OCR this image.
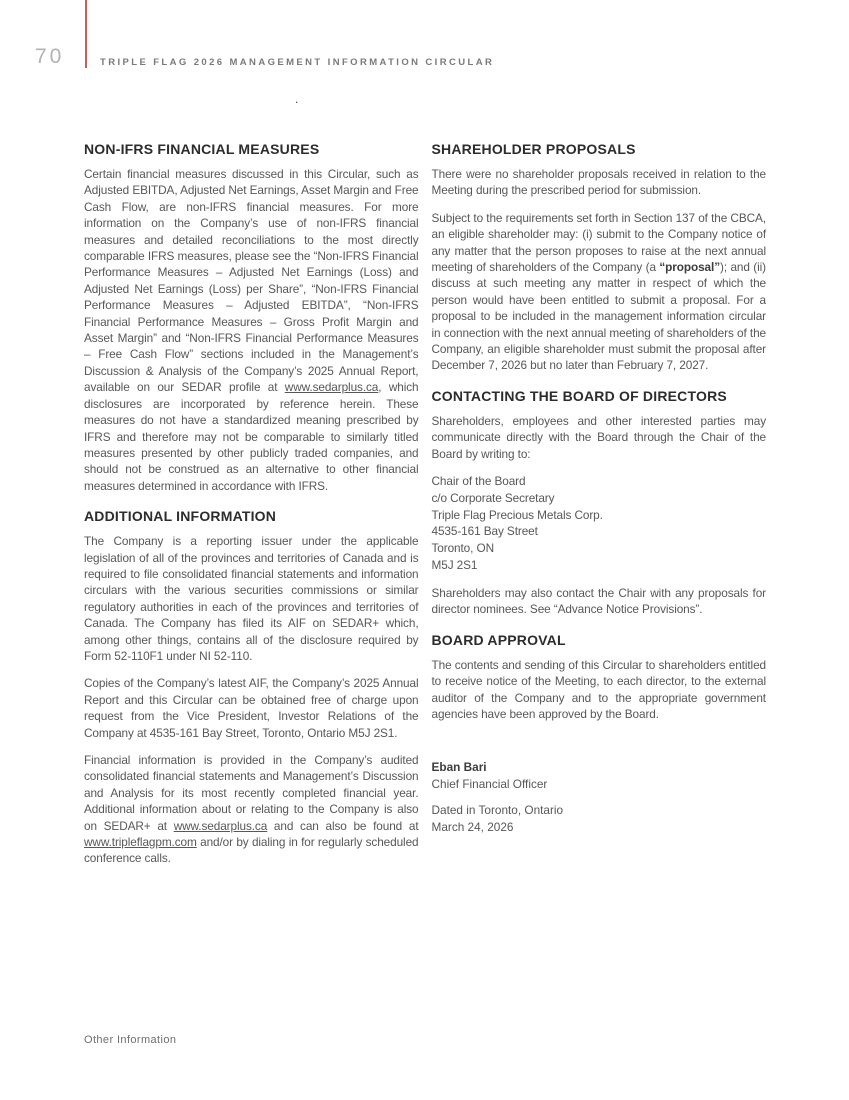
70	TRIPLE FLAG 2026 MANAGEMENT INFORMATION CIRCULAR
.
NON-IFRS FINANCIAL MEASURES

Certain financial measures discussed in this Circular, such as Adjusted EBITDA, Adjusted Net Earnings, Asset Margin and Free Cash Flow, are non-IFRS financial measures. For more information on the Company’s use of non-IFRS financial measures and detailed reconciliations to the most directly comparable IFRS measures, please see the “Non-IFRS Financial Performance Measures – Adjusted Net Earnings (Loss) and Adjusted Net Earnings (Loss) per Share”, “Non-IFRS Financial Performance Measures – Adjusted EBITDA”, “Non-IFRS Financial Performance Measures – Gross Profit Margin and Asset Margin” and “Non-IFRS Financial Performance Measures – Free Cash Flow” sections included in the Management’s Discussion & Analysis of the Company’s 2025 Annual Report, available on our SEDAR profile at www.sedarplus.ca, which disclosures are incorporated by reference herein. These measures do not have a standardized meaning prescribed by IFRS and therefore may not be comparable to similarly titled measures presented by other publicly traded companies, and should not be construed as an alternative to other financial measures determined in accordance with IFRS.

ADDITIONAL INFORMATION

The Company is a reporting issuer under the applicable legislation of all of the provinces and territories of Canada and is required to file consolidated financial statements and information circulars with the various securities commissions or similar regulatory authorities in each of the provinces and territories of Canada. The Company has filed its AIF on SEDAR+ which, among other things, contains all of the disclosure required by Form 52-110F1 under NI 52-110.

Copies of the Company’s latest AIF, the Company’s 2025 Annual Report and this Circular can be obtained free of charge upon request from the Vice President, Investor Relations of the Company at 4535-161 Bay Street, Toronto, Ontario M5J 2S1.

Financial information is provided in the Company’s audited consolidated financial statements and Management’s Discussion and Analysis for its most recently completed financial year. Additional information about or relating to the Company is also on SEDAR+ at www.sedarplus.ca and can also be found at www.tripleflagpm.com and/or by dialing in for regularly scheduled conference calls.

SHAREHOLDER PROPOSALS

There were no shareholder proposals received in relation to the Meeting during the prescribed period for submission.

Subject to the requirements set forth in Section 137 of the CBCA, an eligible shareholder may: (i) submit to the Company notice of any matter that the person proposes to raise at the next annual meeting of shareholders of the Company (a “proposal”); and (ii) discuss at such meeting any matter in respect of which the person would have been entitled to submit a proposal. For a proposal to be included in the management information circular in connection with the next annual meeting of shareholders of the Company, an eligible shareholder must submit the proposal after December 7, 2026 but no later than February 7, 2027.

CONTACTING THE BOARD OF DIRECTORS

Shareholders, employees and other interested parties may communicate directly with the Board through the Chair of the Board by writing to:

Chair of the Board
c/o Corporate Secretary
Triple Flag Precious Metals Corp.
4535-161 Bay Street
Toronto, ON
M5J 2S1

Shareholders may also contact the Chair with any proposals for director nominees. See “Advance Notice Provisions”.

BOARD APPROVAL

The contents and sending of this Circular to shareholders entitled to receive notice of the Meeting, to each director, to the external auditor of the Company and to the appropriate government agencies have been approved by the Board.

Eban Bari
Chief Financial Officer
Dated in Toronto, Ontario
March 24, 2026
Other Information
